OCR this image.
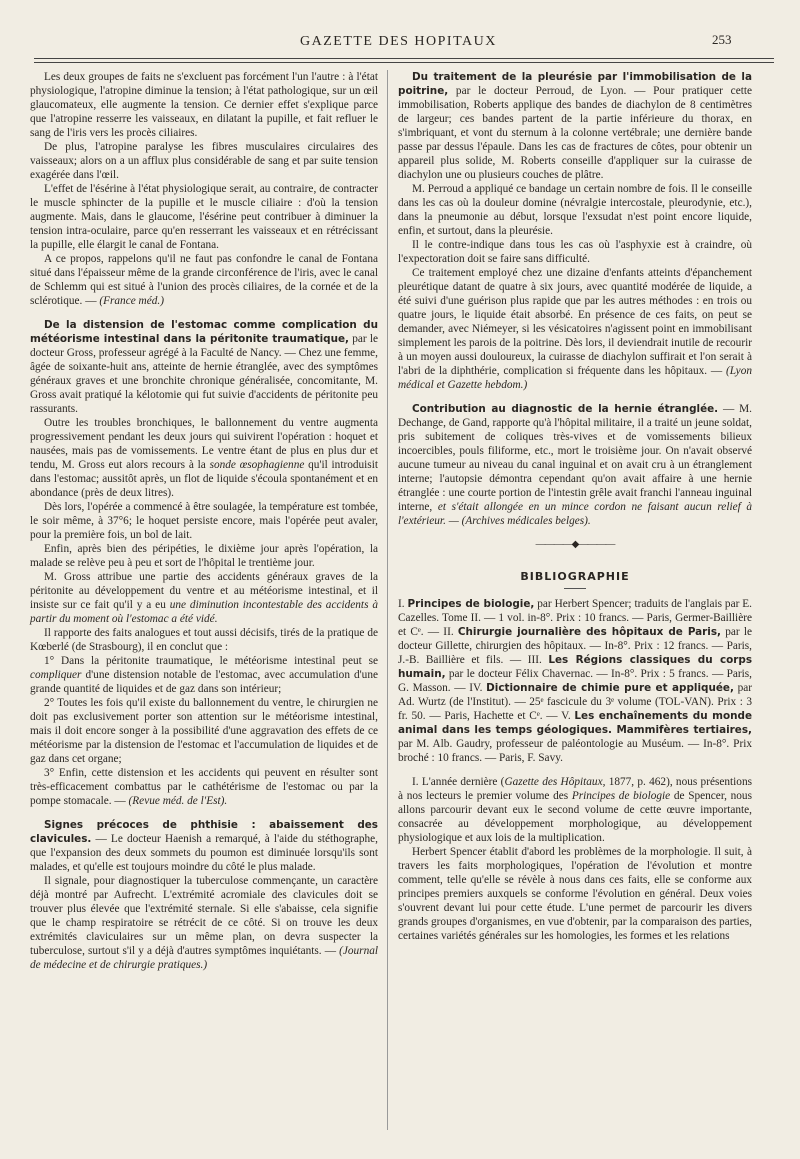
GAZETTE DES HOPITAUX	253

Les deux groupes de faits ne s'excluent pas forcément l'un l'autre : à l'état physiologique, l'atropine diminue la tension; à l'état pathologique, sur un œil glaucomateux, elle augmente la tension. Ce dernier effet s'explique parce que l'atropine resserre les vaisseaux, en dilatant la pupille, et fait refluer le sang de l'iris vers les procès ciliaires.

De plus, l'atropine paralyse les fibres musculaires circulaires des vaisseaux; alors on a un afflux plus considérable de sang et par suite tension exagérée dans l'œil.

L'effet de l'ésérine à l'état physiologique serait, au contraire, de contracter le muscle sphincter de la pupille et le muscle ciliaire : d'où la tension augmente. Mais, dans le glaucome, l'ésérine peut contribuer à diminuer la tension intra-oculaire, parce qu'en resserrant les vaisseaux et en rétrécissant la pupille, elle élargit le canal de Fontana.

A ce propos, rappelons qu'il ne faut pas confondre le canal de Fontana situé dans l'épaisseur même de la grande circonférence de l'iris, avec le canal de Schlemm qui est situé à l'union des procès ciliaires, de la cornée et de la sclérotique. — (France méd.)

De la distension de l'estomac comme complication du météorisme intestinal dans la péritonite traumatique, par le docteur Gross, professeur agrégé à la Faculté de Nancy. — Chez une femme, âgée de soixante-huit ans, atteinte de hernie étranglée, avec des symptômes généraux graves et une bronchite chronique généralisée, concomitante, M. Gross avait pratiqué la kélotomie qui fut suivie d'accidents de péritonite peu rassurants.

Outre les troubles bronchiques, le ballonnement du ventre augmenta progressivement pendant les deux jours qui suivirent l'opération : hoquet et nausées, mais pas de vomissements. Le ventre étant de plus en plus dur et tendu, M. Gross eut alors recours à la sonde œsophagienne qu'il introduisit dans l'estomac; aussitôt après, un flot de liquide s'écoula spontanément et en abondance (près de deux litres).

Dès lors, l'opérée a commencé à être soulagée, la température est tombée, le soir même, à 37°6; le hoquet persiste encore, mais l'opérée peut avaler, pour la première fois, un bol de lait.

Enfin, après bien des péripéties, le dixième jour après l'opération, la malade se relève peu à peu et sort de l'hôpital le trentième jour.

M. Gross attribue une partie des accidents généraux graves de la péritonite au développement du ventre et au météorisme intestinal, et il insiste sur ce fait qu'il y a eu une diminution incontestable des accidents à partir du moment où l'estomac a été vidé.

Il rapporte des faits analogues et tout aussi décisifs, tirés de la pratique de Kœberlé (de Strasbourg), il en conclut que :

1° Dans la péritonite traumatique, le météorisme intestinal peut se compliquer d'une distension notable de l'estomac, avec accumulation d'une grande quantité de liquides et de gaz dans son intérieur;

2° Toutes les fois qu'il existe du ballonnement du ventre, le chirurgien ne doit pas exclusivement porter son attention sur le météorisme intestinal, mais il doit encore songer à la possibilité d'une aggravation des effets de ce météorisme par la distension de l'estomac et l'accumulation de liquides et de gaz dans cet organe;

3° Enfin, cette distension et les accidents qui peuvent en résulter sont très-efficacement combattus par le cathétérisme de l'estomac ou par la pompe stomacale. — (Revue méd. de l'Est).

Signes précoces de phthisie : abaissement des clavicules. — Le docteur Haenish a remarqué, à l'aide du stéthographe, que l'expansion des deux sommets du poumon est diminuée lorsqu'ils sont malades, et qu'elle est toujours moindre du côté le plus malade.

Il signale, pour diagnostiquer la tuberculose commençante, un caractère déjà montré par Aufrecht. L'extrémité acromiale des clavicules doit se trouver plus élevée que l'extrémité sternale. Si elle s'abaisse, cela signifie que le champ respiratoire se rétrécit de ce côté. Si on trouve les deux extrémités claviculaires sur un même plan, on devra suspecter la tuberculose, surtout s'il y a déjà d'autres symptômes inquiétants. — (Journal de médecine et de chirurgie pratiques.)

Du traitement de la pleurésie par l'immobilisation de la poitrine, par le docteur Perroud, de Lyon. — Pour pratiquer cette immobilisation, Roberts applique des bandes de diachylon de 8 centimètres de largeur; ces bandes partent de la partie inférieure du thorax, en s'imbriquant, et vont du sternum à la colonne vertébrale; une dernière bande passe par dessus l'épaule. Dans les cas de fractures de côtes, pour obtenir un appareil plus solide, M. Roberts conseille d'appliquer sur la cuirasse de diachylon une ou plusieurs couches de plâtre.

M. Perroud a appliqué ce bandage un certain nombre de fois. Il le conseille dans les cas où la douleur domine (névralgie intercostale, pleurodynie, etc.), dans la pneumonie au début, lorsque l'exsudat n'est point encore liquide, enfin, et surtout, dans la pleurésie.

Il le contre-indique dans tous les cas où l'asphyxie est à craindre, où l'expectoration doit se faire sans difficulté.

Ce traitement employé chez une dizaine d'enfants atteints d'épanchement pleurétique datant de quatre à six jours, avec quantité modérée de liquide, a été suivi d'une guérison plus rapide que par les autres méthodes : en trois ou quatre jours, le liquide était absorbé. En présence de ces faits, on peut se demander, avec Niémeyer, si les vésicatoires n'agissent point en immobilisant simplement les parois de la poitrine. Dès lors, il deviendrait inutile de recourir à un moyen aussi douloureux, la cuirasse de diachylon suffirait et l'on serait à l'abri de la diphthérie, complication si fréquente dans les hôpitaux. — (Lyon médical et Gazette hebdom.)

Contribution au diagnostic de la hernie étranglée. — M. Dechange, de Gand, rapporte qu'à l'hôpital militaire, il a traité un jeune soldat, pris subitement de coliques très-vives et de vomissements bilieux incoercibles, pouls filiforme, etc., mort le troisième jour. On n'avait observé aucune tumeur au niveau du canal inguinal et on avait cru à un étranglement interne; l'autopsie démontra cependant qu'on avait affaire à une hernie étranglée : une courte portion de l'intestin grêle avait franchi l'anneau inguinal interne, et s'était allongée en un mince cordon ne faisant aucun relief à l'extérieur. — (Archives médicales belges).

————◆————
BIBLIOGRAPHIE

I. Principes de biologie, par Herbert Spencer; traduits de l'anglais par E. Cazelles. Tome II. — 1 vol. in-8°. Prix : 10 francs. — Paris, Germer-Baillière et Cᵉ. — II. Chirurgie journalière des hôpitaux de Paris, par le docteur Gillette, chirurgien des hôpitaux. — In-8°. Prix : 12 francs. — Paris, J.-B. Baillière et fils. — III. Les Régions classiques du corps humain, par le docteur Félix Chavernac. — In-8°. Prix : 5 francs. — Paris, G. Masson. — IV. Dictionnaire de chimie pure et appliquée, par Ad. Wurtz (de l'Institut). — 25ᵉ fascicule du 3ᵉ volume (TOL-VAN). Prix : 3 fr. 50. — Paris, Hachette et Cᵉ. — V. Les enchaînements du monde animal dans les temps géologiques. Mammifères tertiaires, par M. Alb. Gaudry, professeur de paléontologie au Muséum. — In-8°. Prix broché : 10 francs. — Paris, F. Savy.

I. L'année dernière (Gazette des Hôpitaux, 1877, p. 462), nous présentions à nos lecteurs le premier volume des Principes de biologie de Spencer, nous allons parcourir devant eux le second volume de cette œuvre importante, consacrée au développement morphologique, au développement physiologique et aux lois de la multiplication.

Herbert Spencer établit d'abord les problèmes de la morphologie. Il suit, à travers les faits morphologiques, l'opération de l'évolution et montre comment, telle qu'elle se révèle à nous dans ces faits, elle se conforme aux principes premiers auxquels se conforme l'évolution en général. Deux voies s'ouvrent devant lui pour cette étude. L'une permet de parcourir les divers grands groupes d'organismes, en vue d'obtenir, par la comparaison des parties, certaines variétés générales sur les homologies, les formes et les relations
